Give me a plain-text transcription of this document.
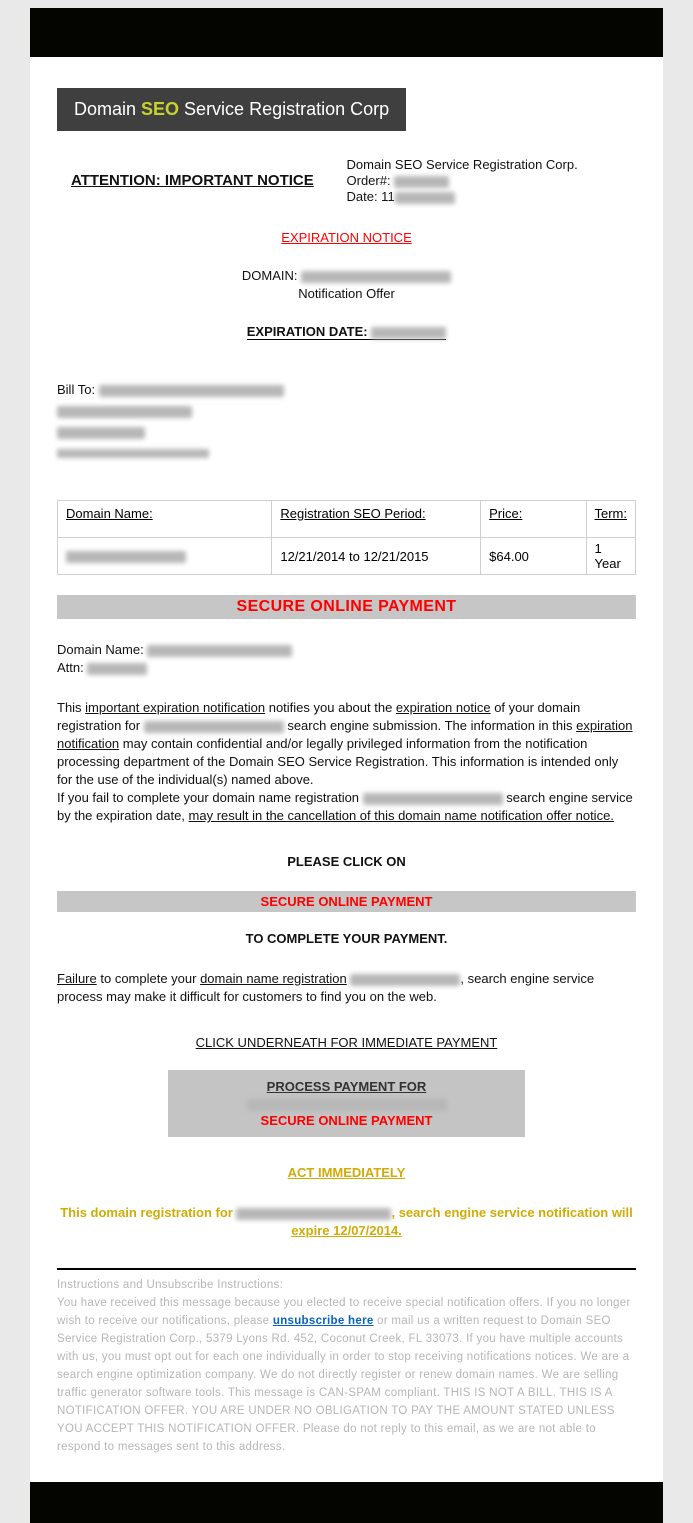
Domain SEO Service Registration Corp
ATTENTION: IMPORTANT NOTICE
Domain SEO Service Registration Corp.
Order#:
Date: 11
EXPIRATION NOTICE
DOMAIN:
Notification Offer
EXPIRATION DATE:
Bill To:
Domain Name:	Registration SEO Period:	Price:	Term:
	12/21/2014 to 12/21/2015	$64.00	1 Year
SECURE ONLINE PAYMENT
Domain Name:
Attn:
This important expiration notification notifies you about the expiration notice of your domain registration for	search engine submission. The information in this expiration notification may contain confidential and/or legally privileged information from the notification processing department of the Domain SEO Service Registration. This information is intended only for the use of the individual(s) named above.
If you fail to complete your domain name registration	search engine service by the expiration date, may result in the cancellation of this domain name notification offer notice.
PLEASE CLICK ON
SECURE ONLINE PAYMENT
TO COMPLETE YOUR PAYMENT.
Failure to complete your domain name registration	, search engine service process may make it difficult for customers to find you on the web.
CLICK UNDERNEATH FOR IMMEDIATE PAYMENT
PROCESS PAYMENT FOR
SECURE ONLINE PAYMENT
ACT IMMEDIATELY
This domain registration for	, search engine service notification will expire 12/07/2014.
Instructions and Unsubscribe Instructions:
You have received this message because you elected to receive special notification offers. If you no longer wish to receive our notifications, please unsubscribe here or mail us a written request to Domain SEO Service Registration Corp., 5379 Lyons Rd. 452, Coconut Creek, FL 33073. If you have multiple accounts with us, you must opt out for each one individually in order to stop receiving notifications notices. We are a search engine optimization company. We do not directly register or renew domain names. We are selling traffic generator software tools. This message is CAN-SPAM compliant. THIS IS NOT A BILL. THIS IS A NOTIFICATION OFFER. YOU ARE UNDER NO OBLIGATION TO PAY THE AMOUNT STATED UNLESS YOU ACCEPT THIS NOTIFICATION OFFER. Please do not reply to this email, as we are not able to respond to messages sent to this address.
